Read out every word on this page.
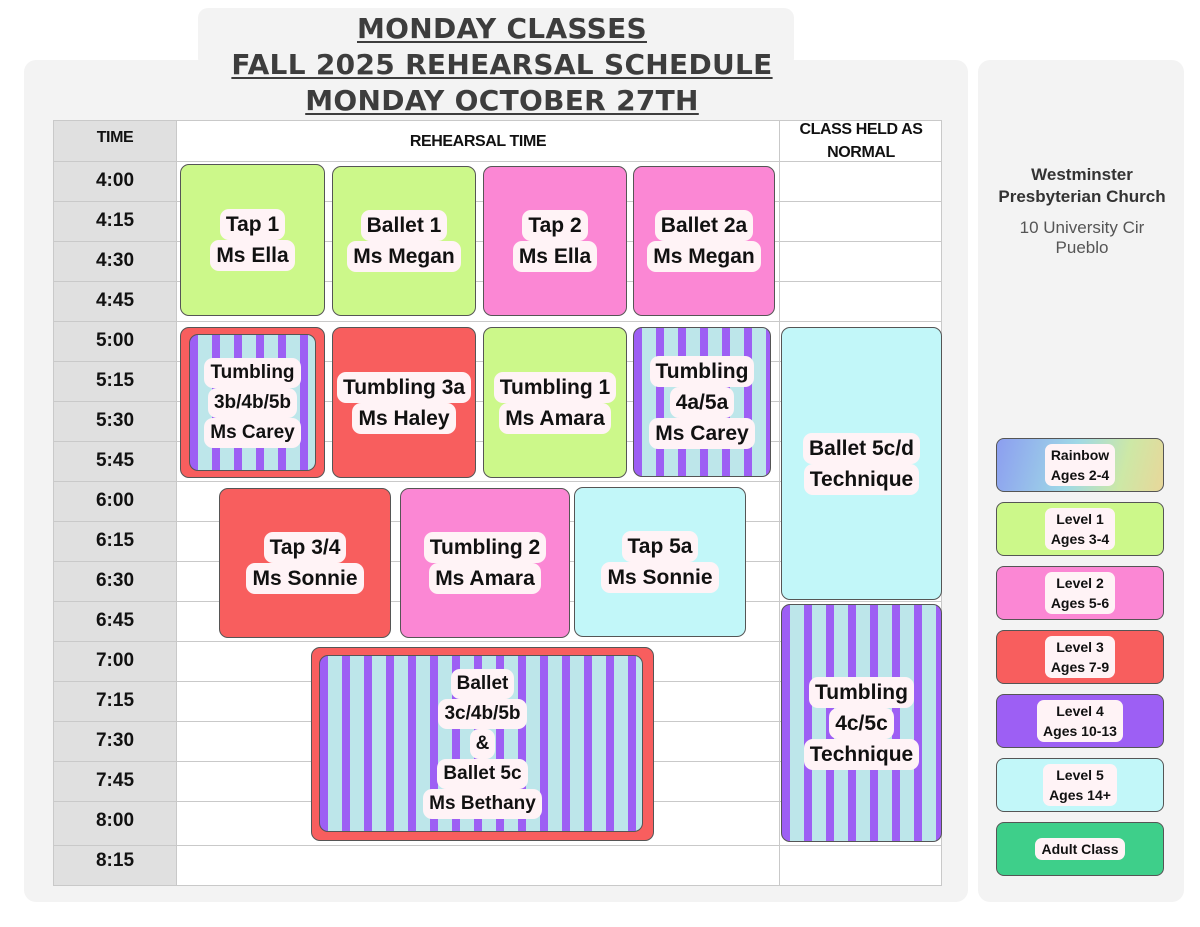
MONDAY CLASSES
FALL 2025 REHEARSAL SCHEDULE
MONDAY OCTOBER 27TH
TIME	REHEARSAL TIME
CLASS HELD AS
NORMAL
4:00
4:15
4:30
4:45
5:00
5:15
5:30
5:45
6:00
6:15
6:30
6:45
7:00
7:15
7:30
7:45
8:00
8:15
Tap 1
Ms Ella
Ballet 1
Ms Megan
Tap 2
Ms Ella
Ballet 2a
Ms Megan
Tumbling
3b/4b/5b
Ms Carey
Tumbling 3a
Ms Haley
Tumbling 1
Ms Amara
Tumbling
4a/5a
Ms Carey
Ballet 5c/d
Technique
Tumbling
4c/5c
Technique
Tap 3/4
Ms Sonnie
Tumbling 2
Ms Amara
Tap 5a
Ms Sonnie
Ballet
3c/4b/5b
&
Ballet 5c
Ms Bethany
Westminster
Presbyterian Church
10 University Cir
Pueblo
Rainbow
Ages 2-4
Level 1
Ages 3-4
Level 2
Ages 5-6
Level 3
Ages 7-9
Level 4
Ages 10-13
Level 5
Ages 14+
Adult Class
